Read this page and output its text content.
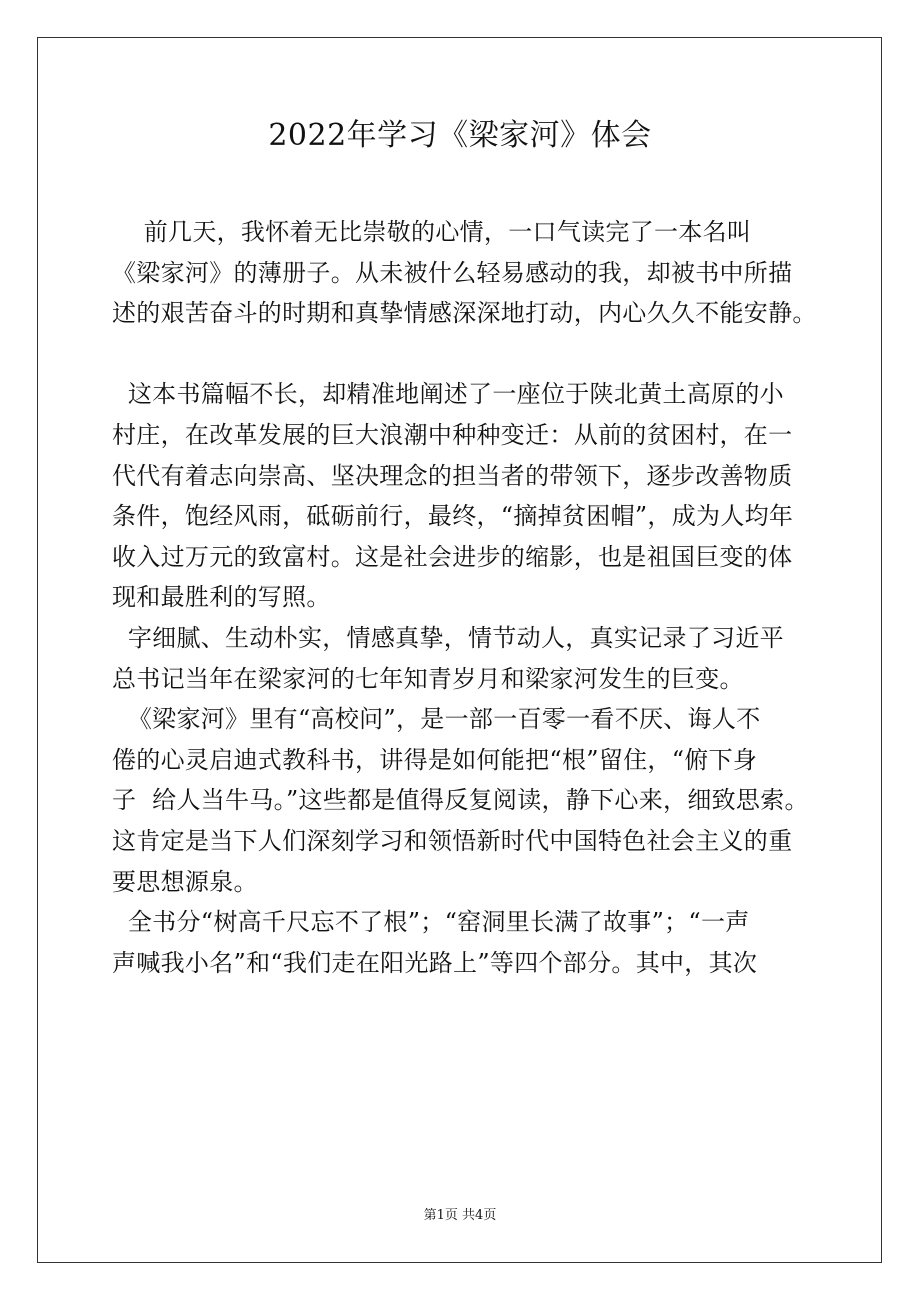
2022年学习《梁家河》体会
前几天，我怀着无比崇敬的心情，一口气读完了一本名叫
《梁家河》的薄册子。从未被什么轻易感动的我，却被书中所描
述的艰苦奋斗的时期和真挚情感深深地打动，内心久久不能安静。
这本书篇幅不长，却精准地阐述了一座位于陕北黄土高原的小
村庄，在改革发展的巨大浪潮中种种变迁：从前的贫困村，在一
代代有着志向崇高、坚决理念的担当者的带领下，逐步改善物质
条件，饱经风雨，砥砺前行，最终，“摘掉贫困帽”，成为人均年
收入过万元的致富村。这是社会进步的缩影，也是祖国巨变的体
现和最胜利的写照。
字细腻、生动朴实，情感真挚，情节动人，真实记录了习近平
总书记当年在梁家河的七年知青岁月和梁家河发生的巨变。
《梁家河》里有“高校问”，是一部一百零一看不厌、诲人不
倦的心灵启迪式教科书，讲得是如何能把“根”留住，“俯下身
子  给人当牛马。”这些都是值得反复阅读，静下心来，细致思索。
这肯定是当下人们深刻学习和领悟新时代中国特色社会主义的重
要思想源泉。
全书分“树高千尺忘不了根”；“窑洞里长满了故事”；“一声
声喊我小名”和“我们走在阳光路上”等四个部分。其中，其次
第1页 共4页
